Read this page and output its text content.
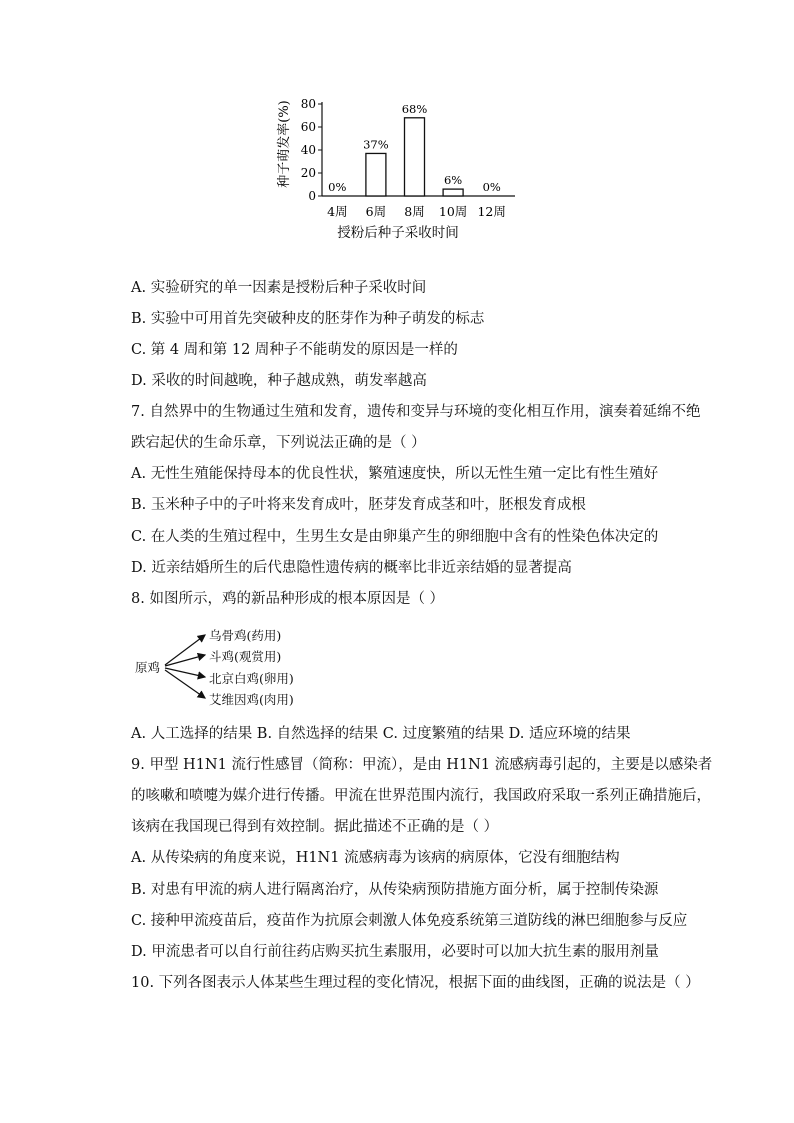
种子萌发率(%)
0
20
40
60
80
0%
4周
37%
6周
68%
8周
6%
10周
0%
12周
授粉后种子采收时间
A. 实验研究的单一因素是授粉后种子采收时间
B. 实验中可用首先突破种皮的胚芽作为种子萌发的标志
C. 第 4 周和第 12 周种子不能萌发的原因是一样的
D. 采收的时间越晚，种子越成熟，萌发率越高
7. 自然界中的生物通过生殖和发育，遗传和变异与环境的变化相互作用，演奏着延绵不绝
跌宕起伏的生命乐章，下列说法正确的是（ ）
A. 无性生殖能保持母本的优良性状，繁殖速度快，所以无性生殖一定比有性生殖好
B. 玉米种子中的子叶将来发育成叶，胚芽发育成茎和叶，胚根发育成根
C. 在人类的生殖过程中，生男生女是由卵巢产生的卵细胞中含有的性染色体决定的
D. 近亲结婚所生的后代患隐性遗传病的概率比非近亲结婚的显著提高
8. 如图所示，鸡的新品种形成的根本原因是（ ）
原鸡
乌骨鸡(药用)
斗鸡(观赏用)
北京白鸡(卵用)
艾维因鸡(肉用)
A. 人工选择的结果 B. 自然选择的结果 C. 过度繁殖的结果 D. 适应环境的结果
9. 甲型 H1N1 流行性感冒（简称：甲流），是由 H1N1 流感病毒引起的，主要是以感染者
的咳嗽和喷嚏为媒介进行传播。甲流在世界范围内流行，我国政府采取一系列正确措施后，
该病在我国现已得到有效控制。据此描述不正确的是（ ）
A. 从传染病的角度来说，H1N1 流感病毒为该病的病原体，它没有细胞结构
B. 对患有甲流的病人进行隔离治疗，从传染病预防措施方面分析，属于控制传染源
C. 接种甲流疫苗后，疫苗作为抗原会刺激人体免疫系统第三道防线的淋巴细胞参与反应
D. 甲流患者可以自行前往药店购买抗生素服用，必要时可以加大抗生素的服用剂量
10. 下列各图表示人体某些生理过程的变化情况，根据下面的曲线图，正确的说法是（ ）
